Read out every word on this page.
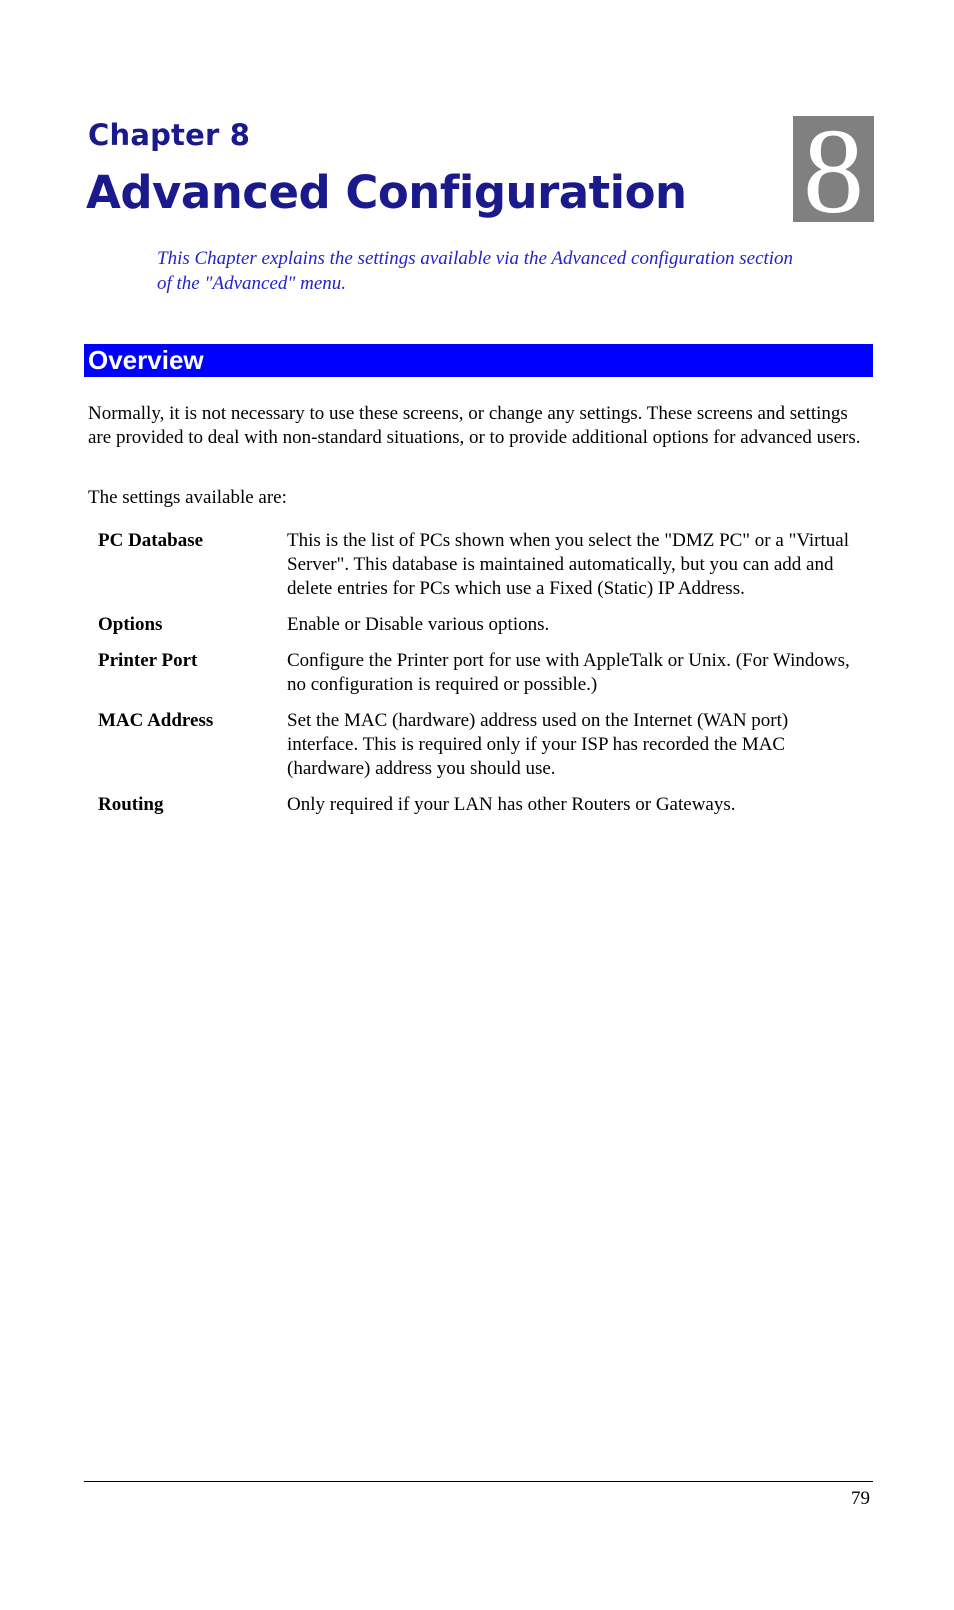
Chapter 8
Advanced Configuration 8
This Chapter explains the settings available via the Advanced configuration section of the "Advanced" menu.
Overview

Normally, it is not necessary to use these screens, or change any settings. These screens and settings are provided to deal with non-standard situations, or to provide additional options for advanced users.

The settings available are:

PC Database	This is the list of PCs shown when you select the "DMZ PC" or a "Virtual Server". This database is maintained automatically, but you can add and delete entries for PCs which use a Fixed (Static) IP Address.
Options	Enable or Disable various options.
Printer Port	Configure the Printer port for use with AppleTalk or Unix. (For Windows, no configuration is required or possible.)
MAC Address	Set the MAC (hardware) address used on the Internet (WAN port) interface. This is required only if your ISP has recorded the MAC (hardware) address you should use.
Routing	Only required if your LAN has other Routers or Gateways.
79
